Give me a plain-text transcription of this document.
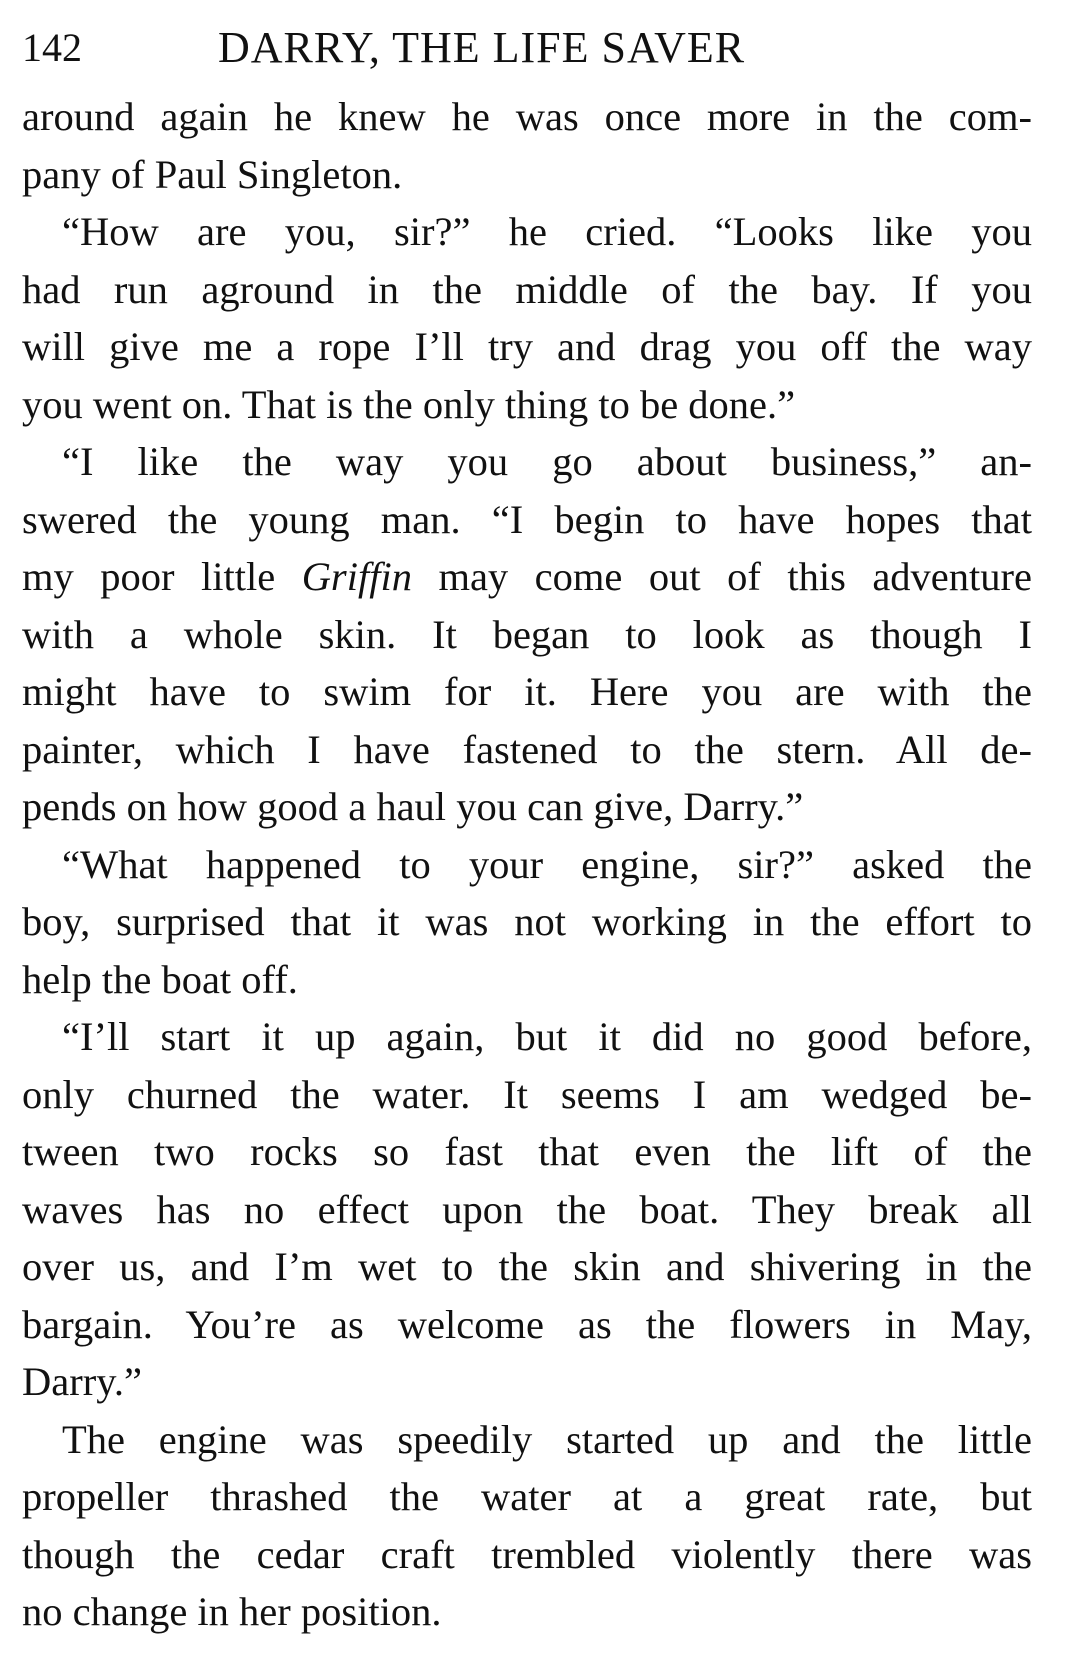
142	DARRY, THE LIFE SAVER

around again he knew he was once more in the com-
pany of Paul Singleton.

“How are you, sir?” he cried. “Looks like you
had run aground in the middle of the bay. If you
will give me a rope I’ll try and drag you off the way
you went on. That is the only thing to be done.”

“I like the way you go about business,” an-
swered the young man. “I begin to have hopes that
my poor little Griffin may come out of this adventure
with a whole skin. It began to look as though I
might have to swim for it. Here you are with the
painter, which I have fastened to the stern. All de-
pends on how good a haul you can give, Darry.”

“What happened to your engine, sir?” asked the
boy, surprised that it was not working in the effort to
help the boat off.

“I’ll start it up again, but it did no good before,
only churned the water. It seems I am wedged be-
tween two rocks so fast that even the lift of the
waves has no effect upon the boat. They break all
over us, and I’m wet to the skin and shivering in the
bargain. You’re as welcome as the flowers in May,
Darry.”

The engine was speedily started up and the little
propeller thrashed the water at a great rate, but
though the cedar craft trembled violently there was
no change in her position.
